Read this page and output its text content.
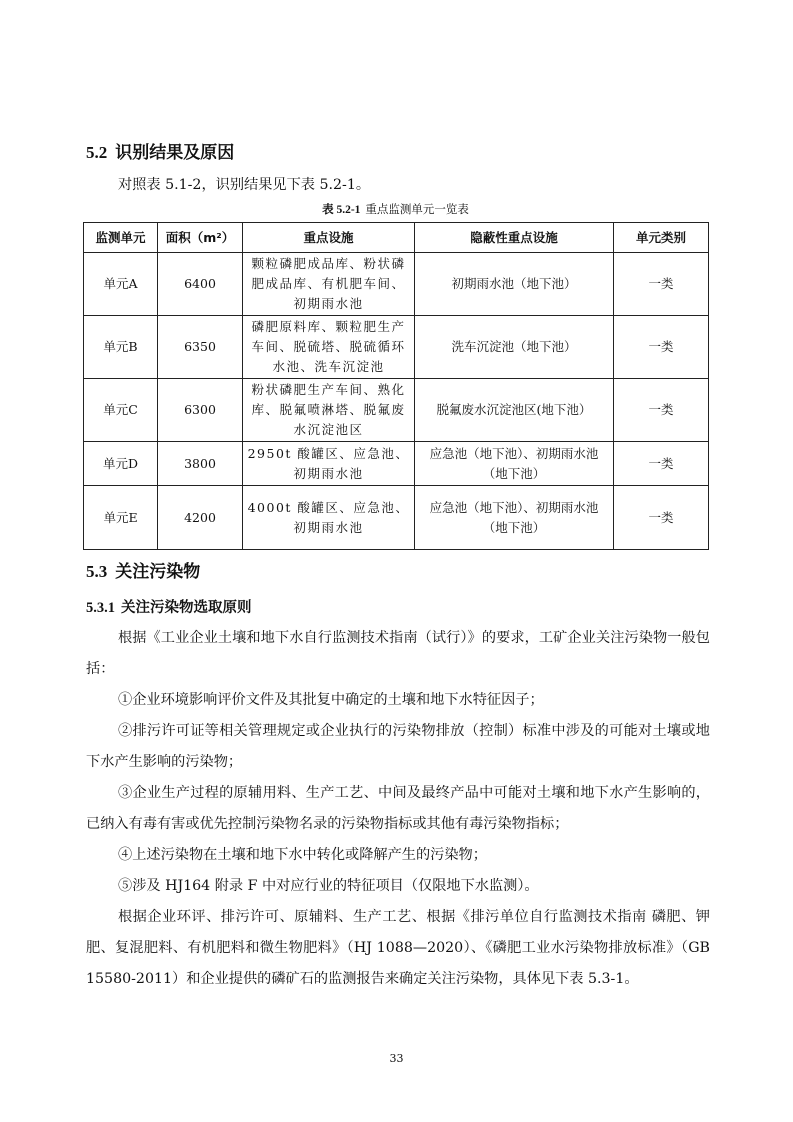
5.2 识别结果及原因
对照表 5.1-2，识别结果见下表 5.2-1。
表 5.2-1 重点监测单元一览表
监测单元	面积（m²）	重点设施	隐蔽性重点设施	单元类别
单元A	6400	颗粒磷肥成品库、粉状磷肥成品库、有机肥车间、初期雨水池	初期雨水池（地下池）	一类
单元B	6350	磷肥原料库、颗粒肥生产车间、脱硫塔、脱硫循环水池、洗车沉淀池	洗车沉淀池（地下池）	一类
单元C	6300	粉状磷肥生产车间、熟化库、脱氟喷淋塔、脱氟废水沉淀池区	脱氟废水沉淀池区(地下池）	一类
单元D	3800	2950t 酸罐区、应急池、初期雨水池	应急池（地下池）、初期雨水池（地下池）	一类
单元E	4200	4000t 酸罐区、应急池、初期雨水池	应急池（地下池）、初期雨水池（地下池）	一类
5.3 关注污染物
5.3.1 关注污染物选取原则
根据《工业企业土壤和地下水自行监测技术指南（试行）》的要求，工矿企业关注污染物一般包括：
①企业环境影响评价文件及其批复中确定的土壤和地下水特征因子；
②排污许可证等相关管理规定或企业执行的污染物排放（控制）标准中涉及的可能对土壤或地下水产生影响的污染物；
③企业生产过程的原辅用料、生产工艺、中间及最终产品中可能对土壤和地下水产生影响的，已纳入有毒有害或优先控制污染物名录的污染物指标或其他有毒污染物指标；
④上述污染物在土壤和地下水中转化或降解产生的污染物；
⑤涉及 HJ164 附录 F 中对应行业的特征项目（仅限地下水监测）。
根据企业环评、排污许可、原辅料、生产工艺、根据《排污单位自行监测技术指南 磷肥、钾肥、复混肥料、有机肥料和微生物肥料》（HJ 1088—2020）、《磷肥工业水污染物排放标准》（GB 15580-2011）和企业提供的磷矿石的监测报告来确定关注污染物，具体见下表 5.3-1。
33
